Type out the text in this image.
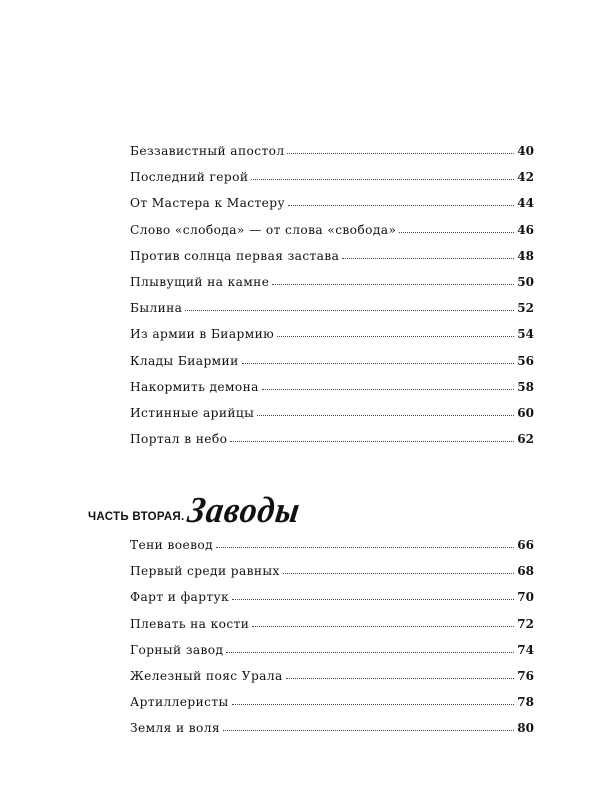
Беззавистный апостол	40
Последний герой	42
От Мастера к Мастеру	44
Слово «слобода» — от слова «свобода»	46
Против солнца первая застава	48
Плывущий на камне	50
Былина	52
Из армии в Биармию	54
Клады Биармии	56
Накормить демона	58
Истинные арийцы	60
Портал в небо	62
ЧАСТЬ ВТОРАЯ. Заводы
Тени воевод	66
Первый среди равных	68
Фарт и фартук	70
Плевать на кости	72
Горный завод	74
Железный пояс Урала	76
Артиллеристы	78
Земля и воля	80
